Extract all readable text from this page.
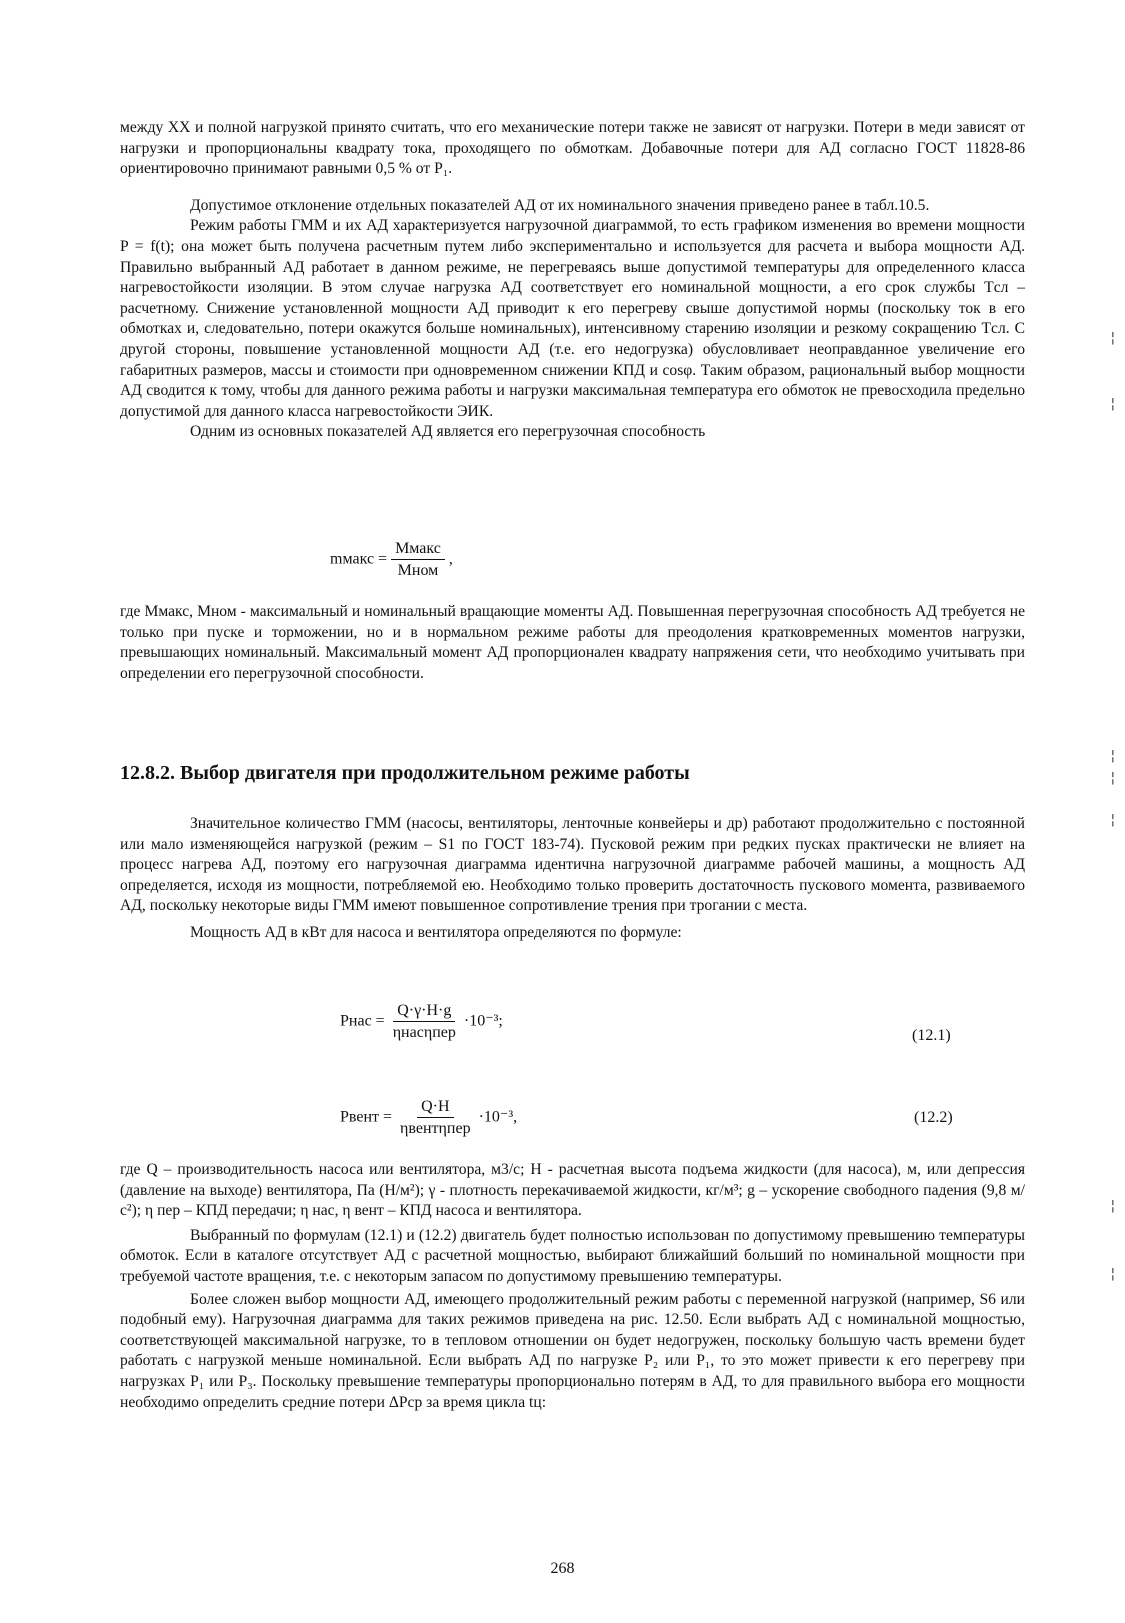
между XX и полной нагрузкой принято считать, что его механические потери также не зависят от нагрузки. Потери в меди зависят от нагрузки и пропорциональны квадрату тока, проходящего по обмоткам. Добавочные потери для АД согласно ГОСТ 11828-86 ориентировочно принимают равными 0,5 % от P₁.

Допустимое отклонение отдельных показателей АД от их номинального значения приведено ранее в табл.10.5.

Режим работы ГММ и их АД характеризуется нагрузочной диаграммой, то есть графиком изменения во времени мощности P = f(t); она может быть получена расчетным путем либо экспериментально и используется для расчета и выбора мощности АД. Правильно выбранный АД работает в данном режиме, не перегреваясь выше допустимой температуры для определенного класса нагревостойкости изоляции. В этом случае нагрузка АД соответствует его номинальной мощности, а его срок службы Tсл – расчетному. Снижение установленной мощности АД приводит к его перегреву свыше допустимой нормы (поскольку ток в его обмотках и, следовательно, потери окажутся больше номинальных), интенсивному старению изоляции и резкому сокращению Tсл. С другой стороны, повышение установленной мощности АД (т.е. его недогрузка) обусловливает неоправданное увеличение его габаритных размеров, массы и стоимости при одновременном снижении КПД и cosφ. Таким образом, рациональный выбор мощности АД сводится к тому, чтобы для данного режима работы и нагрузки максимальная температура его обмоток не превосходила предельно допустимой для данного класса нагревостойкости ЭИК.

Одним из основных показателей АД является его перегрузочная способность

mмакс = $\frac{\text{Mмакс}}{\text{Mном}}$ ,

где Mмакс, Mном - максимальный и номинальный вращающие моменты АД. Повышенная перегрузочная способность АД требуется не только при пуске и торможении, но и в нормальном режиме работы для преодоления кратковременных моментов нагрузки, превышающих номинальный. Максимальный момент АД пропорционален квадрату напряжения сети, что необходимо учитывать при определении его перегрузочной способности.

12.8.2. Выбор двигателя при продолжительном режиме работы

Значительное количество ГММ (насосы, вентиляторы, ленточные конвейеры и др) работают продолжительно с постоянной или мало изменяющейся нагрузкой (режим – S1 по ГОСТ 183-74). Пусковой режим при редких пусках практически не влияет на процесс нагрева АД, поэтому его нагрузочная диаграмма идентична нагрузочной диаграмме рабочей машины, а мощность АД определяется, исходя из мощности, потребляемой ею. Необходимо только проверить достаточность пускового момента, развиваемого АД, поскольку некоторые виды ГММ имеют повышенное сопротивление трения при трогании с места.

Мощность АД в кВт для насоса и вентилятора определяются по формуле:

Pнас = $\frac{Q\cdot\gamma\cdot H\cdot g}{\text{ηнасηпер}} \cdot 10^{-3}$;
(12.1)
Pвент = $\frac{Q\cdot H}{\text{ηвентηпер}} \cdot 10^{-3}$,	(12.2)

где Q – производительность насоса или вентилятора, м3/с; H - расчетная высота подъема жидкости (для насоса), м, или депрессия (давление на выходе) вентилятора, Па (Н/м²); γ - плотность перекачиваемой жидкости, кг/м³; g – ускорение свободного падения (9,8 м/с²); η пер – КПД передачи; η нас, η вент – КПД насоса и вентилятора.

Выбранный по формулам (12.1) и (12.2) двигатель будет полностью использован по допустимому превышению температуры обмоток. Если в каталоге отсутствует АД с расчетной мощностью, выбирают ближайший больший по номинальной мощности при требуемой частоте вращения, т.е. с некоторым запасом по допустимому превышению температуры.

Более сложен выбор мощности АД, имеющего продолжительный режим работы с переменной нагрузкой (например, S6 или подобный ему). Нагрузочная диаграмма для таких режимов приведена на рис. 12.50. Если выбрать АД с номинальной мощностью, соответствующей максимальной нагрузке, то в тепловом отношении он будет недогружен, поскольку большую часть времени будет работать с нагрузкой меньше номинальной. Если выбрать АД по нагрузке P₂ или P₁, то это может привести к его перегреву при нагрузках P₁ или P₃. Поскольку превышение температуры пропорционально потерям в АД, то для правильного выбора его мощности необходимо определить средние потери ΔPср за время цикла tц:

268
¦
¦
¦
¦
¦
¦
¦
